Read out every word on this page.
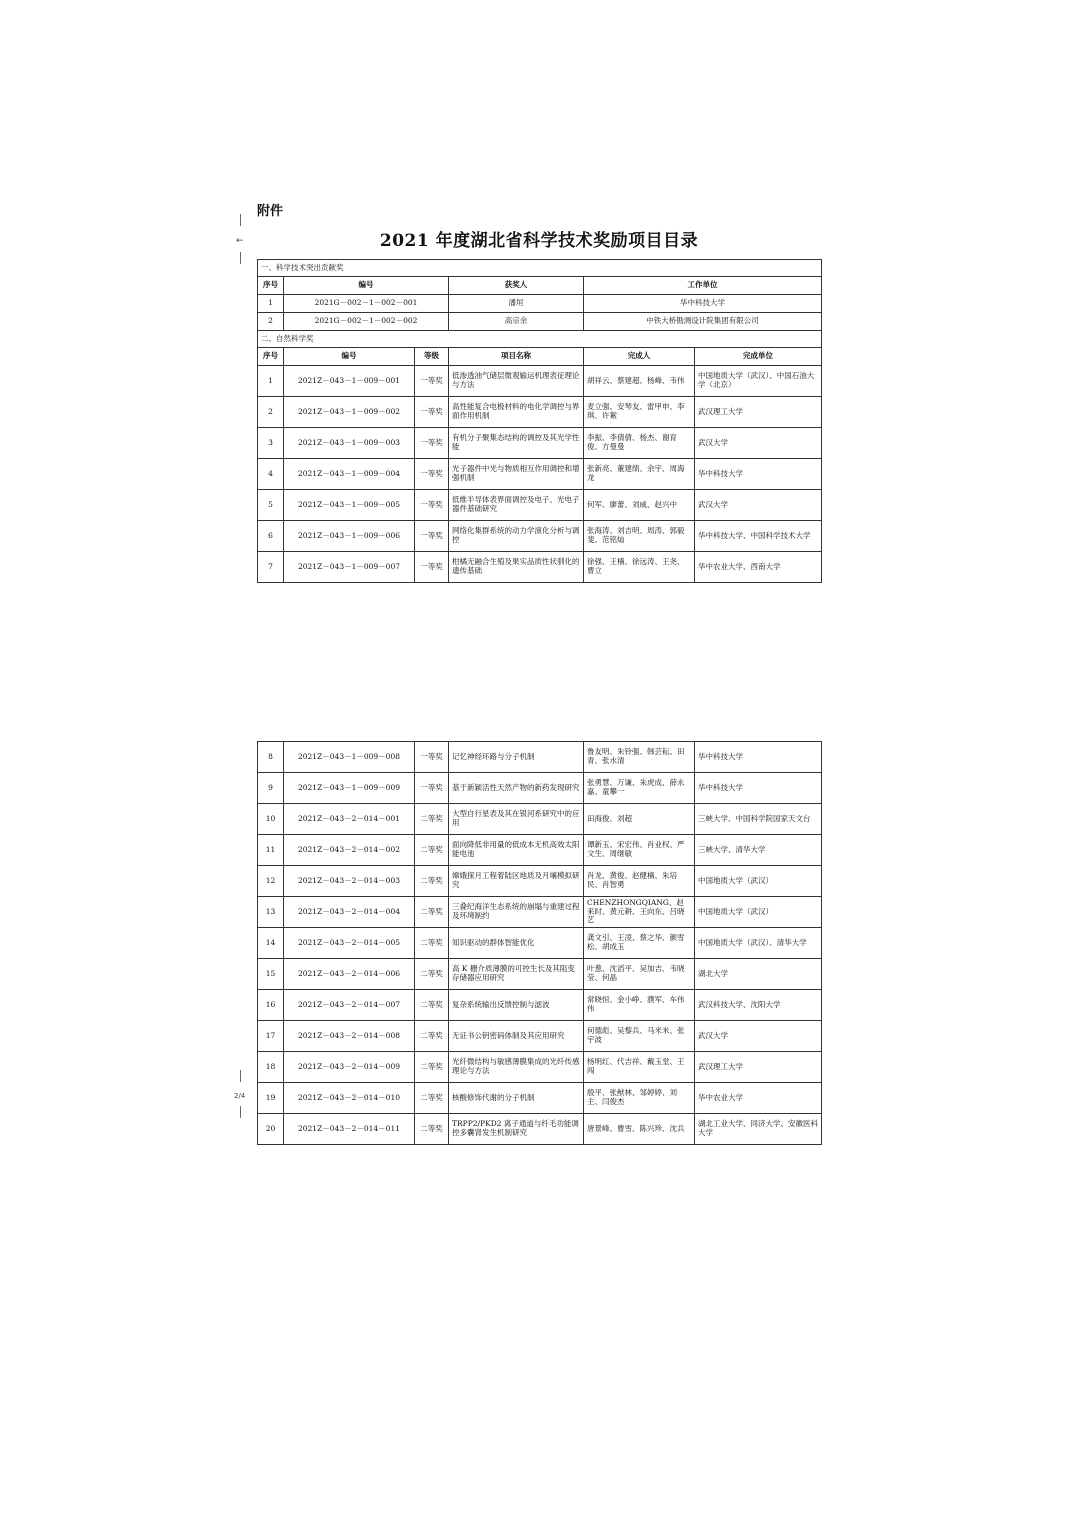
←
2/4
附件
2021 年度湖北省科学技术奖励项目目录
一、科学技术突出贡献奖					
序号	编号		获奖人	工作单位	
1	2021G－002－1－002－001		潘垣	华中科技大学	
2	2021G－002－1－002－002		高宗余	中铁大桥勘测设计院集团有限公司	
二、自然科学奖					
序号	编号	等级	项目名称	完成人	完成单位
1	2021Z－043－1－009－001	一等奖	低渗透油气储层微观输运机理表征理论与方法	胡祥云、蔡建超、杨峰、韦伟	中国地质大学（武汉）、中国石油大学（北京）
2	2021Z－043－1－009－002	一等奖	高性能复合电极材料的电化学调控与界面作用机制	麦立强、安琴友、雷甲申、李琪、许絮	武汉理工大学
3	2021Z－043－1－009－003	一等奖	有机分子聚集态结构的调控及其光学性能	李振、李倩倩、杨杰、谢育俊、方曼曼	武汉大学
4	2021Z－043－1－009－004	一等奖	光子器件中光与物质相互作用调控和增强机制	张新亮、董建绩、余宇、周海龙	华中科技大学
5	2021Z－043－1－009－005	一等奖	低维半导体表界面调控及电子、光电子器件基础研究	何军、廖蕾、刘威、赵兴中	武汉大学
6	2021Z－043－1－009－006	一等奖	网络化集群系统的动力学演化分析与调控	张海涛、刘吉明、周涛、郭毅斐、范铭灿	华中科技大学、中国科学技术大学
7	2021Z－043－1－009－007	一等奖	柑橘无融合生殖及果实品质性状驯化的遗传基础	徐强、王楠、徐远涛、王尧、曹立	华中农业大学、西南大学
8	2021Z－043－1－009－008	一等奖	记忆神经环路与分子机制	鲁友明、朱铃强、韩芸耘、田青、张水清	华中科技大学
9	2021Z－043－1－009－009	一等奖	基于新颖活性天然产物的新药发现研究	张勇慧、万谦、朱虎成、薛永嘉、童攀一	华中科技大学
10	2021Z－043－2－014－001	二等奖	大型自行星表及其在银河系研究中的应用	田海俊、刘超	三峡大学、中国科学院国家天文台
11	2021Z－043－2－014－002	二等奖	面向降低非用量的低成本无机高效太阳能电池	谭新玉、宋宏伟、肖业权、严文生、周继敏	三峡大学、清华大学
12	2021Z－043－2－014－003	二等奖	嫦娥探月工程着陆区地质及月壤模拟研究	肖龙、黄俊、赵健楠、朱培民、肖智勇	中国地质大学（武汉）
13	2021Z－043－2－014－004	二等奖	三叠纪海洋生态系统的崩塌与重建过程及环境制约	CHENZHONGQIANG、赵来时、黄元耕、王向东、吕晓艺	中国地质大学（武汉）
14	2021Z－043－2－014－005	二等奖	知识驱动的群体智能优化	龚文引、王凌、蔡之华、颜雪松、胡成玉	中国地质大学（武汉）、清华大学
15	2021Z－043－2－014－006	二等奖	高 K 栅介质薄膜的可控生长及其阻变存储器应用研究	叶葱、沈滔平、吴加吉、韦晓莹、何晶	湖北大学
16	2021Z－043－2－014－007	二等奖	复杂系统输出反馈控制与滤波	常晓恒、金小峥、濮军、车伟伟	武汉科技大学、沈阳大学
17	2021Z－043－2－014－008	二等奖	无证书公钥密码体制及其应用研究	何德彪、吴黎兵、马米米、张宇波	武汉大学
18	2021Z－043－2－014－009	二等奖	光纤微结构与敏感薄膜集成的光纤传感理论与方法	杨明红、代吉祥、戴玉堂、王闯	武汉理工大学
19	2021Z－043－2－014－010	二等奖	核酸修饰代谢的分子机制	殷平、张猷林、邹婷婷、刘主、闫俊杰	华中农业大学
20	2021Z－043－2－014－011	二等奖	TRPP2/PKD2 离子通道与纤毛功能调控多囊肾发生机制研究	唐景峰、曹雪、陈兴珍、沈兵	湖北工业大学、同济大学、安徽医科大学
